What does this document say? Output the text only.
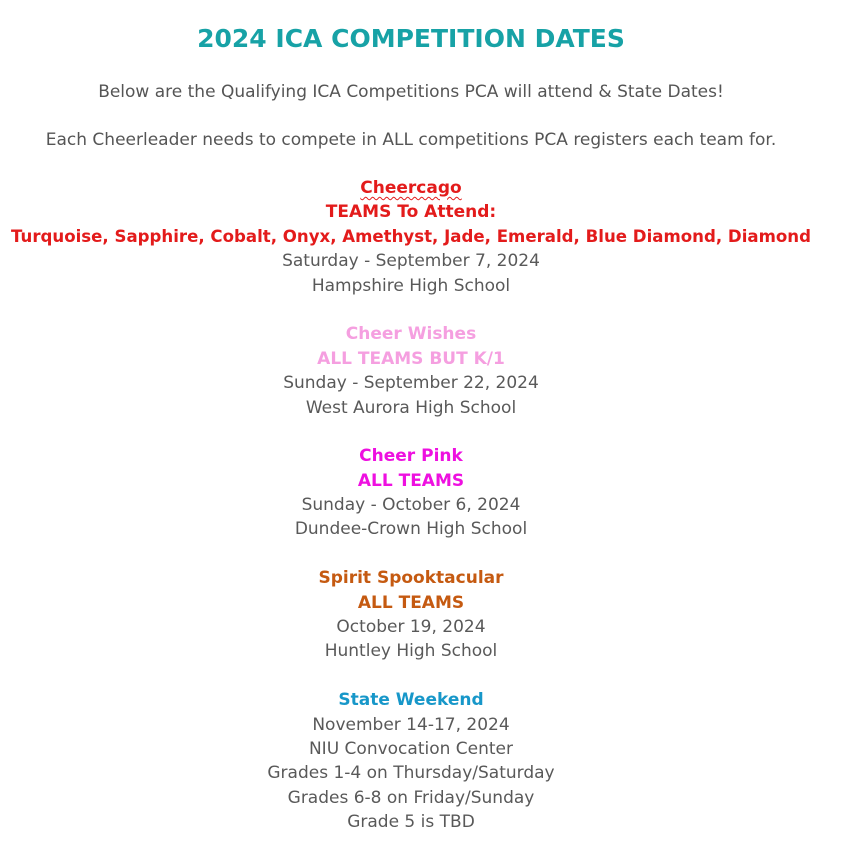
2024 ICA COMPETITION DATES
Below are the Qualifying ICA Competitions PCA will attend & State Dates!
Each Cheerleader needs to compete in ALL competitions PCA registers each team for.
Cheercago
TEAMS To Attend:
Turquoise, Sapphire, Cobalt, Onyx, Amethyst, Jade, Emerald, Blue Diamond, Diamond
Saturday - September 7, 2024
Hampshire High School
Cheer Wishes
ALL TEAMS BUT K/1
Sunday - September 22, 2024
West Aurora High School
Cheer Pink
ALL TEAMS
Sunday - October 6, 2024
Dundee-Crown High School
Spirit Spooktacular
ALL TEAMS
October 19, 2024
Huntley High School
State Weekend
November 14-17, 2024
NIU Convocation Center
Grades 1-4 on Thursday/Saturday
Grades 6-8 on Friday/Sunday
Grade 5 is TBD
